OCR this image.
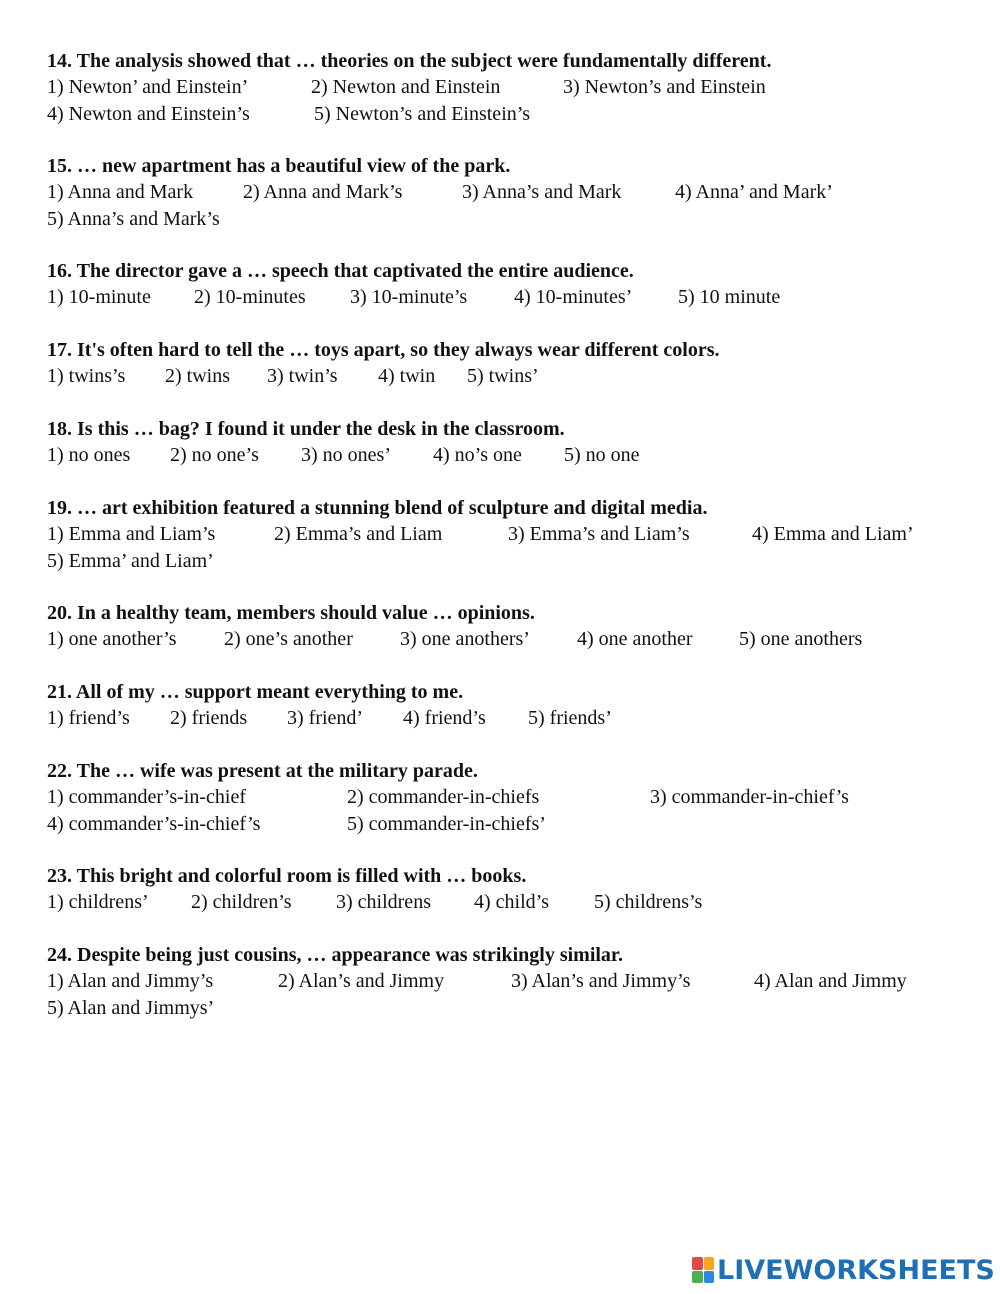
14. The analysis showed that … theories on the subject were fundamentally different.
1) Newton’ and Einstein’	2) Newton and Einstein	3) Newton’s and Einstein
4) Newton and Einstein’s	5) Newton’s and Einstein’s
15. … new apartment has a beautiful view of the park.
1) Anna and Mark 2) Anna and Mark’s	3) Anna’s and Mark	4) Anna’ and Mark’
5) Anna’s and Mark’s
16. The director gave a … speech that captivated the entire audience.
1) 10-minute 2) 10-minutes 3) 10-minute’s 4) 10-minutes’ 5) 10 minute
17. It's often hard to tell the … toys apart, so they always wear different colors.
1) twins’s 2) twins 3) twin’s 4) twin 5) twins’
18. Is this … bag? I found it under the desk in the classroom.
1) no ones 2) no one’s 3) no ones’ 4) no’s one 5) no one
19. … art exhibition featured a stunning blend of sculpture and digital media.
1) Emma and Liam’s	2) Emma’s and Liam	3) Emma’s and Liam’s	4) Emma and Liam’
5) Emma’ and Liam’
20. In a healthy team, members should value … opinions.
1) one another’s 2) one’s another 3) one anothers’ 4) one another 5) one anothers
21. All of my … support meant everything to me.
1) friend’s 2) friends 3) friend’ 4) friend’s 5) friends’
22. The … wife was present at the military parade.
1) commander’s-in-chief	2) commander-in-chiefs	3) commander-in-chief’s
4) commander’s-in-chief’s	5) commander-in-chiefs’
23. This bright and colorful room is filled with … books.
1) childrens’ 2) children’s 3) childrens 4) child’s 5) childrens’s
24. Despite being just cousins, … appearance was strikingly similar.
1) Alan and Jimmy’s	2) Alan’s and Jimmy	3) Alan’s and Jimmy’s	4) Alan and Jimmy
5) Alan and Jimmys’
LIVEWORKSHEETS
